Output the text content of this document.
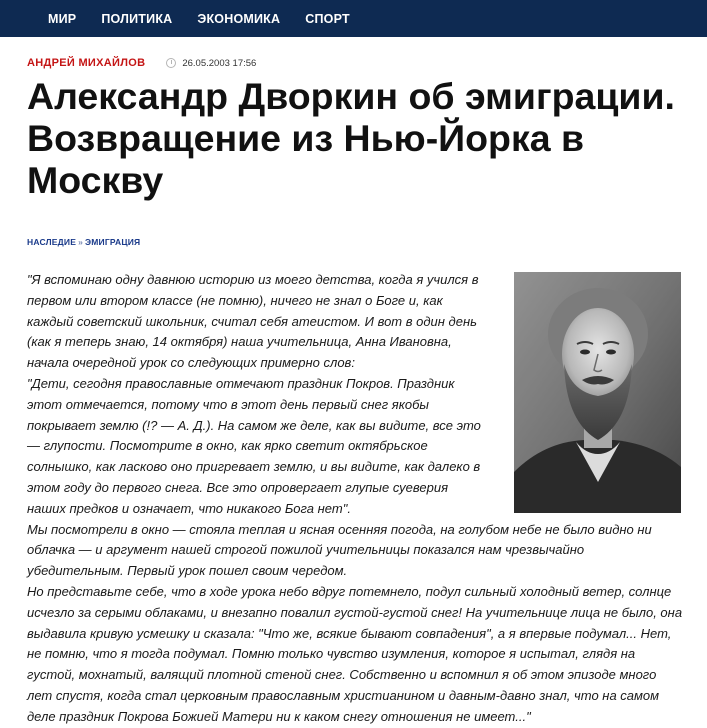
МИР ПОЛИТИКА ЭКОНОМИКА СПОРТ
АНДРЕЙ МИХАЙЛОВ	26.05.2003 17:56
Александр Дворкин об эмиграции. Возвращение из Нью-Йорка в Москву
НАСЛЕДИЕ » ЭМИГРАЦИЯ

"Я вспоминаю одну давнюю историю из моего детства, когда я учился в первом или втором классе (не помню), ничего не знал о Боге и, как каждый советский школьник, считал себя атеистом. И вот в один день (как я теперь знаю, 14 октября) наша учительница, Анна Ивановна, начала очередной урок со следующих примерно слов:

"Дети, сегодня православные отмечают праздник Покров. Праздник этот отмечается, потому что в этот день первый снег якобы покрывает землю (!? — А. Д.). На самом же деле, как вы видите, все это — глупости. Посмотрите в окно, как ярко светит октябрьское солнышко, как ласково оно пригревает землю, и вы видите, как далеко в этом году до первого снега. Все это опровергает глупые суеверия наших предков и означает, что никакого Бога нет".

Мы посмотрели в окно — стояла теплая и ясная осенняя погода, на голубом небе не было видно ни облачка — и аргумент нашей строгой пожилой учительницы показался нам чрезвычайно убедительным. Первый урок пошел своим чередом.

Но представьте себе, что в ходе урока небо вдруг потемнело, подул сильный холодный ветер, солнце исчезло за серыми облаками, и внезапно повалил густой-густой снег! На учительнице лица не было, она выдавила кривую усмешку и сказала: "Что же, всякие бывают совпадения", а я впервые подумал... Нет, не помню, что я тогда подумал. Помню только чувство изумления, которое я испытал, глядя на густой, мохнатый, валящий плотной стеной снег. Собственно и вспомнил я об этом эпизоде много лет спустя, когда стал церковным православным христианином и давным-давно знал, что на самом деле праздник Покрова Божией Матери ни к каком снегу отношения не имеет..."
